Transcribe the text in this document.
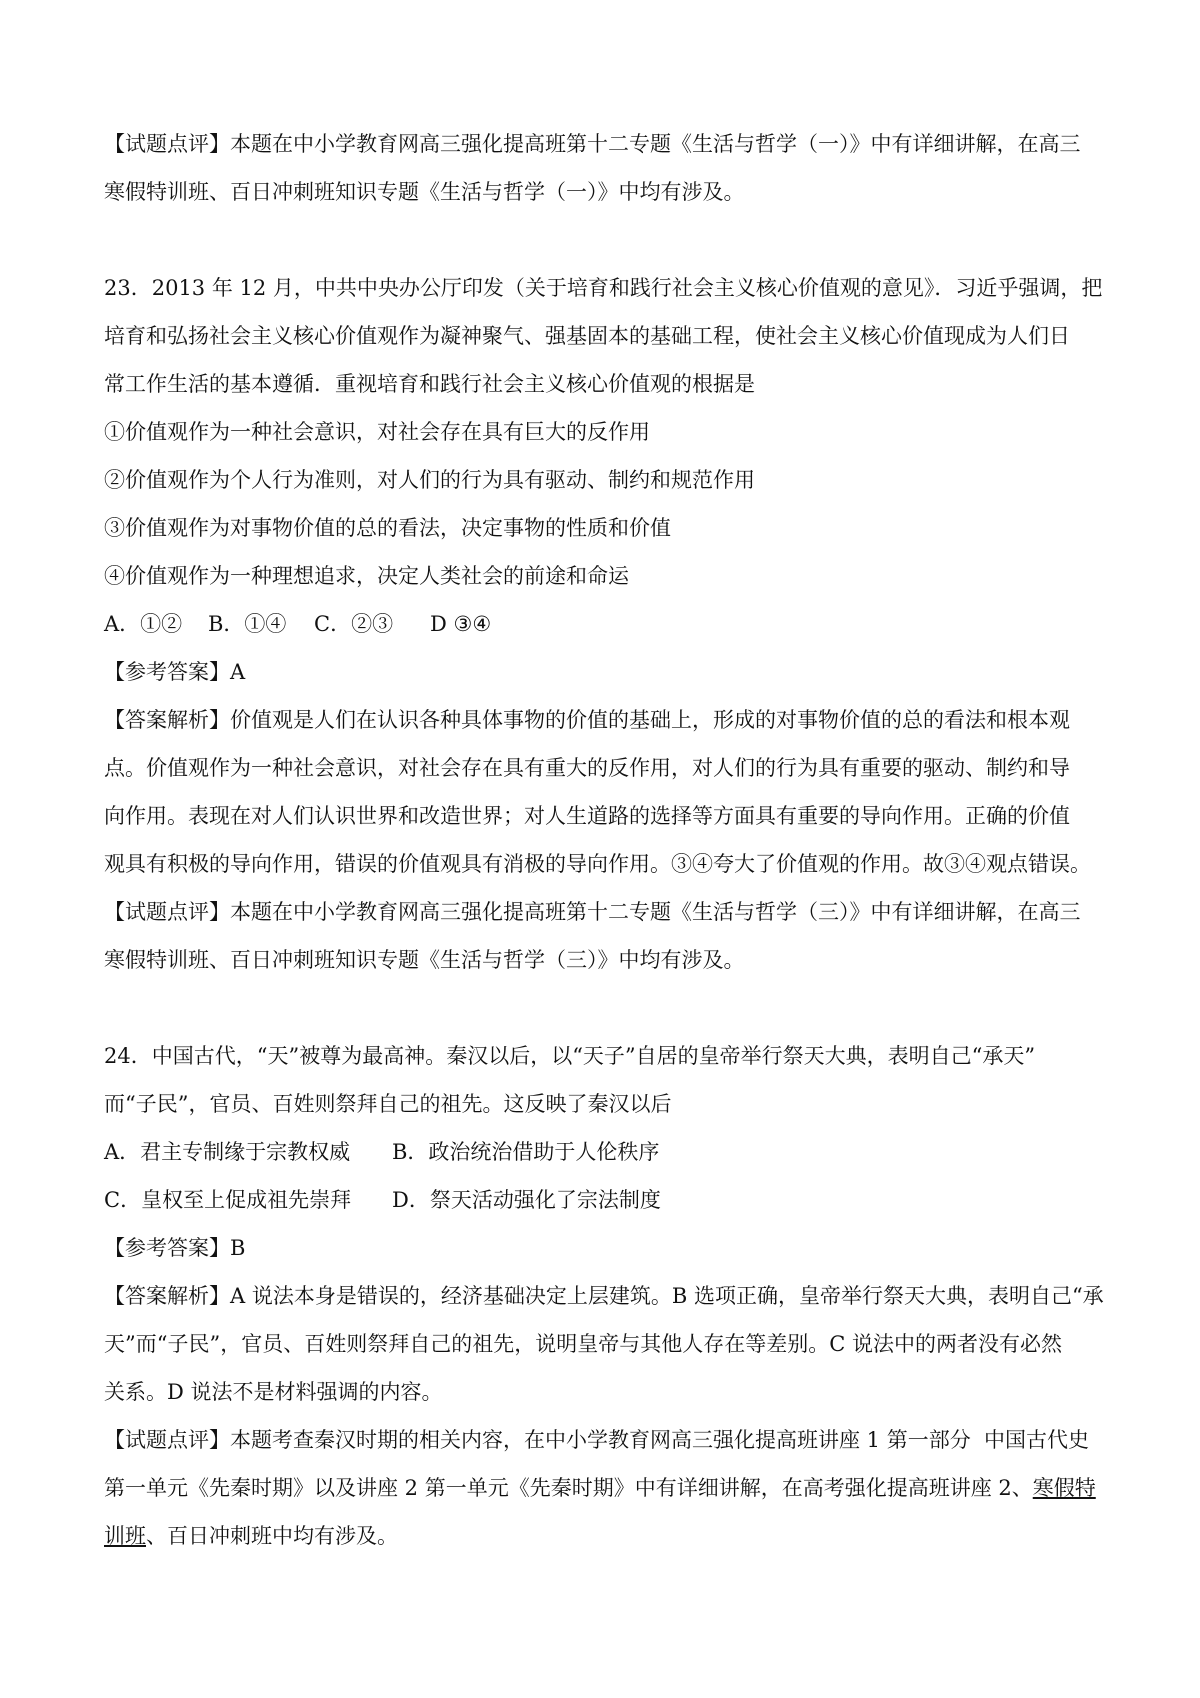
【试题点评】本题在中小学教育网高三强化提高班第十二专题《生活与哲学（一）》中有详细讲解，在高三
寒假特训班、百日冲刺班知识专题《生活与哲学（一）》中均有涉及。
23．2013 年 12 月，中共中央办公厅印发（关于培育和践行社会主义核心价值观的意见》．习近乎强调，把
培育和弘扬社会主义核心价值观作为凝神聚气、强基固本的基础工程，使社会主义核心价值现成为人们日
常工作生活的基本遵循．重视培育和践行社会主义核心价值观的根据是
①价值观作为一种社会意识，对社会存在具有巨大的反作用
②价值观作为个人行为准则，对人们的行为具有驱动、制约和规范作用
③价值观作为对事物价值的总的看法，决定事物的性质和价值
④价值观作为一种理想追求，决定人类社会的前途和命运
A．①② B．①④ C．②③ D ③④
【参考答案】A
【答案解析】价值观是人们在认识各种具体事物的价值的基础上，形成的对事物价值的总的看法和根本观
点。价值观作为一种社会意识，对社会存在具有重大的反作用，对人们的行为具有重要的驱动、制约和导
向作用。表现在对人们认识世界和改造世界；对人生道路的选择等方面具有重要的导向作用。正确的价值
观具有积极的导向作用，错误的价值观具有消极的导向作用。③④夸大了价值观的作用。故③④观点错误。
【试题点评】本题在中小学教育网高三强化提高班第十二专题《生活与哲学（三）》中有详细讲解，在高三
寒假特训班、百日冲刺班知识专题《生活与哲学（三）》中均有涉及。
24．中国古代，“天”被尊为最高神。秦汉以后，以“天子”自居的皇帝举行祭天大典，表明自己“承天”
而“子民”，官员、百姓则祭拜自己的祖先。这反映了秦汉以后
A．君主专制缘于宗教权威 B．政治统治借助于人伦秩序
C．皇权至上促成祖先崇拜 D．祭天活动强化了宗法制度
【参考答案】B
【答案解析】A 说法本身是错误的，经济基础决定上层建筑。B 选项正确，皇帝举行祭天大典，表明自己“承
天”而“子民”，官员、百姓则祭拜自己的祖先，说明皇帝与其他人存在等差别。C 说法中的两者没有必然
关系。D 说法不是材料强调的内容。
【试题点评】本题考查秦汉时期的相关内容，在中小学教育网高三强化提高班讲座 1 第一部分  中国古代史
第一单元《先秦时期》以及讲座 2 第一单元《先秦时期》中有详细讲解，在高考强化提高班讲座 2、寒假特
训班、百日冲刺班中均有涉及。
